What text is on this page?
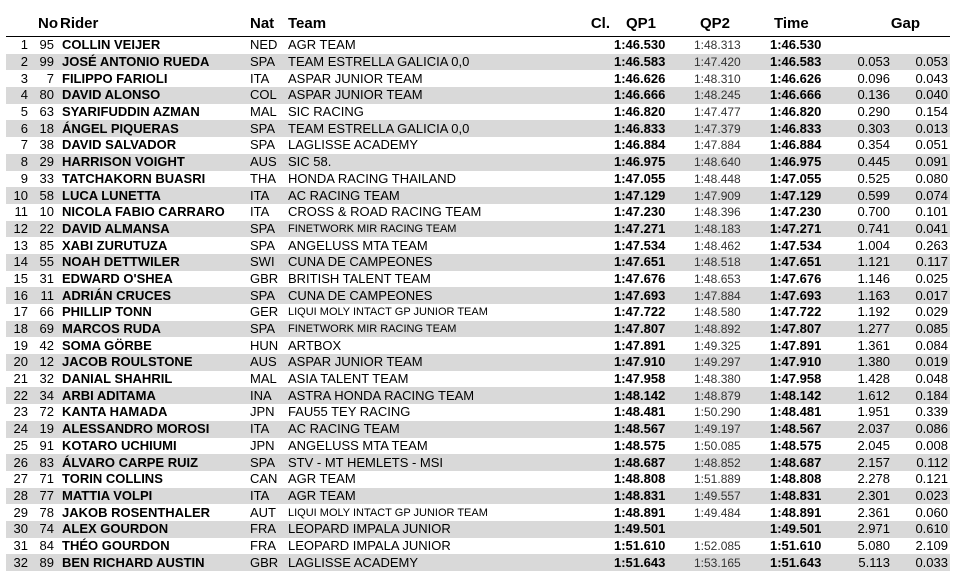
	No	Rider	Nat	Team	Cl.	QP1	QP2	Time	Gap	
1	95	COLLIN VEIJER	NED	AGR TEAM		1:46.530	1:48.313	1:46.530		
2	99	JOSÉ ANTONIO RUEDA	SPA	TEAM ESTRELLA GALICIA 0,0		1:46.583	1:47.420	1:46.583	0.053	0.053
3	7	FILIPPO FARIOLI	ITA	ASPAR JUNIOR TEAM		1:46.626	1:48.310	1:46.626	0.096	0.043
4	80	DAVID ALONSO	COL	ASPAR JUNIOR TEAM		1:46.666	1:48.245	1:46.666	0.136	0.040
5	63	SYARIFUDDIN AZMAN	MAL	SIC RACING		1:46.820	1:47.477	1:46.820	0.290	0.154
6	18	ÁNGEL PIQUERAS	SPA	TEAM ESTRELLA GALICIA 0,0		1:46.833	1:47.379	1:46.833	0.303	0.013
7	38	DAVID SALVADOR	SPA	LAGLISSE ACADEMY		1:46.884	1:47.884	1:46.884	0.354	0.051
8	29	HARRISON VOIGHT	AUS	SIC 58.		1:46.975	1:48.640	1:46.975	0.445	0.091
9	33	TATCHAKORN BUASRI	THA	HONDA RACING THAILAND		1:47.055	1:48.448	1:47.055	0.525	0.080
10	58	LUCA LUNETTA	ITA	AC RACING TEAM		1:47.129	1:47.909	1:47.129	0.599	0.074
11	10	NICOLA FABIO CARRARO	ITA	CROSS & ROAD RACING TEAM		1:47.230	1:48.396	1:47.230	0.700	0.101
12	22	DAVID ALMANSA	SPA	FINETWORK MIR RACING TEAM		1:47.271	1:48.183	1:47.271	0.741	0.041
13	85	XABI ZURUTUZA	SPA	ANGELUSS MTA TEAM		1:47.534	1:48.462	1:47.534	1.004	0.263
14	55	NOAH DETTWILER	SWI	CUNA DE CAMPEONES		1:47.651	1:48.518	1:47.651	1.121	0.117
15	31	EDWARD O'SHEA	GBR	BRITISH TALENT TEAM		1:47.676	1:48.653	1:47.676	1.146	0.025
16	11	ADRIÁN CRUCES	SPA	CUNA DE CAMPEONES		1:47.693	1:47.884	1:47.693	1.163	0.017
17	66	PHILLIP TONN	GER	LIQUI MOLY INTACT GP JUNIOR TEAM		1:47.722	1:48.580	1:47.722	1.192	0.029
18	69	MARCOS RUDA	SPA	FINETWORK MIR RACING TEAM		1:47.807	1:48.892	1:47.807	1.277	0.085
19	42	SOMA GÖRBE	HUN	ARTBOX		1:47.891	1:49.325	1:47.891	1.361	0.084
20	12	JACOB ROULSTONE	AUS	ASPAR JUNIOR TEAM		1:47.910	1:49.297	1:47.910	1.380	0.019
21	32	DANIAL SHAHRIL	MAL	ASIA TALENT TEAM		1:47.958	1:48.380	1:47.958	1.428	0.048
22	34	ARBI ADITAMA	INA	ASTRA HONDA RACING TEAM		1:48.142	1:48.879	1:48.142	1.612	0.184
23	72	KANTA HAMADA	JPN	FAU55 TEY RACING		1:48.481	1:50.290	1:48.481	1.951	0.339
24	19	ALESSANDRO MOROSI	ITA	AC RACING TEAM		1:48.567	1:49.197	1:48.567	2.037	0.086
25	91	KOTARO UCHIUMI	JPN	ANGELUSS MTA TEAM		1:48.575	1:50.085	1:48.575	2.045	0.008
26	83	ÁLVARO CARPE RUIZ	SPA	STV - MT HEMLETS - MSI		1:48.687	1:48.852	1:48.687	2.157	0.112
27	71	TORIN COLLINS	CAN	AGR TEAM		1:48.808	1:51.889	1:48.808	2.278	0.121
28	77	MATTIA VOLPI	ITA	AGR TEAM		1:48.831	1:49.557	1:48.831	2.301	0.023
29	78	JAKOB ROSENTHALER	AUT	LIQUI MOLY INTACT GP JUNIOR TEAM		1:48.891	1:49.484	1:48.891	2.361	0.060
30	74	ALEX GOURDON	FRA	LEOPARD IMPALA JUNIOR		1:49.501		1:49.501	2.971	0.610
31	84	THÉO GOURDON	FRA	LEOPARD IMPALA JUNIOR		1:51.610	1:52.085	1:51.610	5.080	2.109
32	89	BEN RICHARD AUSTIN	GBR	LAGLISSE ACADEMY		1:51.643	1:53.165	1:51.643	5.113	0.033
